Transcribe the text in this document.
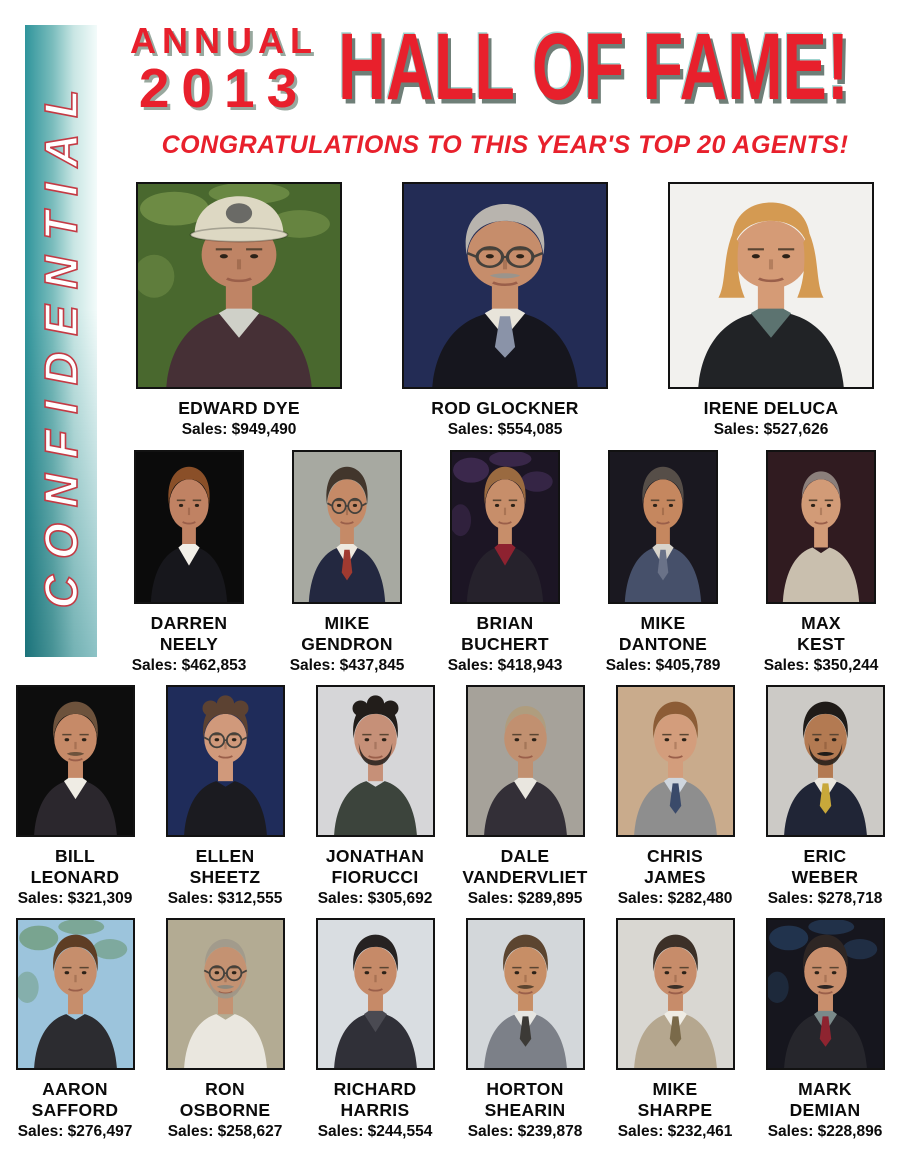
CONFIDENTIAL
ANNUAL
2013 HALL OF FAME!
CONGRATULATIONS TO THIS YEAR'S TOP 20 AGENTS!
EDWARD DYE
Sales: $949,490
ROD GLOCKNER
Sales: $554,085
IRENE DELUCA
Sales: $527,626
DARREN
NEELY
Sales: $462,853
MIKE
GENDRON
Sales: $437,845
BRIAN
BUCHERT
Sales: $418,943
MIKE
DANTONE
Sales: $405,789
MAX
KEST
Sales: $350,244
BILL
LEONARD
Sales: $321,309
ELLEN
SHEETZ
Sales: $312,555
JONATHAN
FIORUCCI
Sales: $305,692
DALE
VANDERVLIET
Sales: $289,895
CHRIS
JAMES
Sales: $282,480
ERIC
WEBER
Sales: $278,718
AARON
SAFFORD
Sales: $276,497
RON
OSBORNE
Sales: $258,627
RICHARD
HARRIS
Sales: $244,554
HORTON
SHEARIN
Sales: $239,878
MIKE
SHARPE
Sales: $232,461
MARK
DEMIAN
Sales: $228,896
